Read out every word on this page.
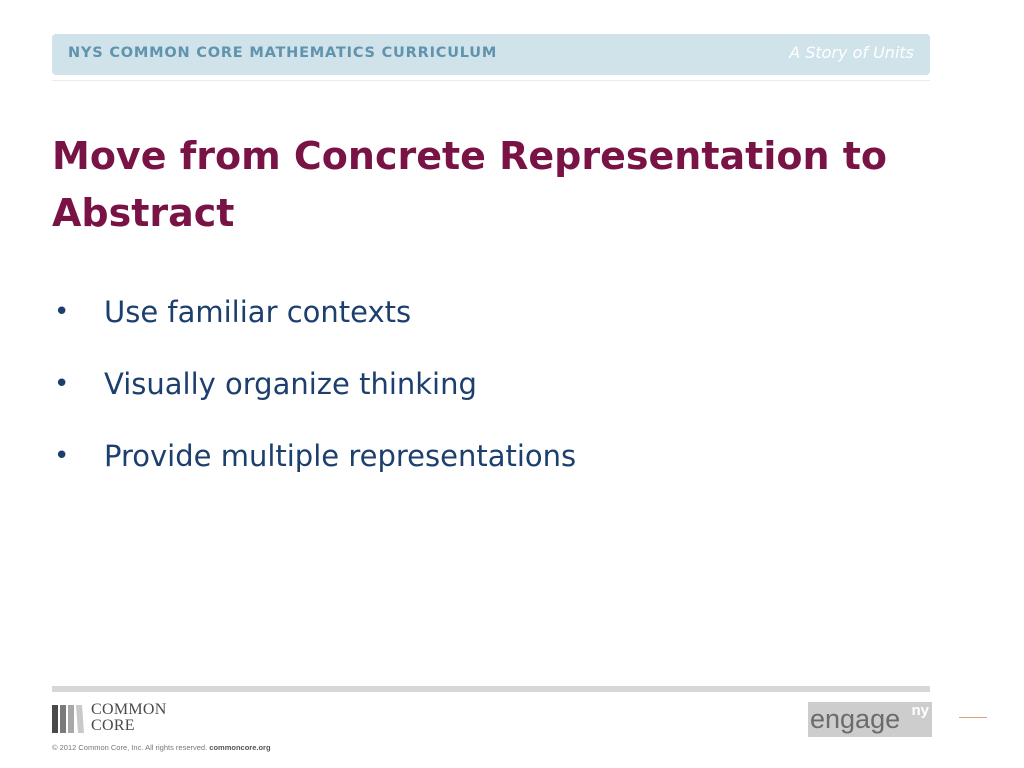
NYS COMMON CORE MATHEMATICS CURRICULUM	A Story of Units
Move from Concrete Representation to
Abstract
• Use familiar contexts
• Visually organize thinking
• Provide multiple representations
COMMON
CORE
© 2012 Common Core, Inc. All rights reserved. commoncore.org
engage ny
